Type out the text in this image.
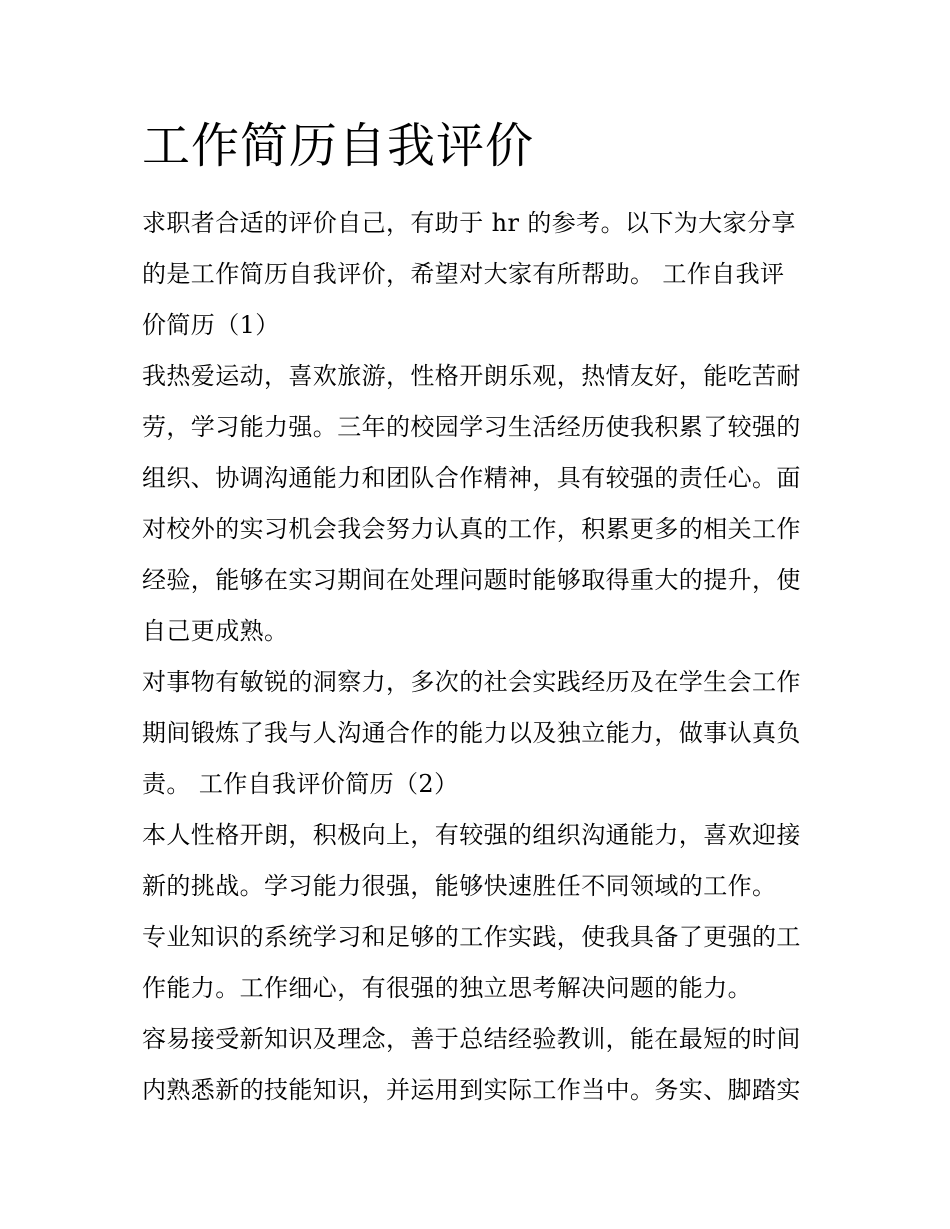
工作简历自我评价
求职者合适的评价自己，有助于 hr 的参考。以下为大家分享
的是工作简历自我评价，希望对大家有所帮助。 工作自我评
价简历（1）
我热爱运动，喜欢旅游，性格开朗乐观，热情友好，能吃苦耐
劳，学习能力强。三年的校园学习生活经历使我积累了较强的
组织、协调沟通能力和团队合作精神，具有较强的责任心。面
对校外的实习机会我会努力认真的工作，积累更多的相关工作
经验，能够在实习期间在处理问题时能够取得重大的提升，使
自己更成熟。
对事物有敏锐的洞察力，多次的社会实践经历及在学生会工作
期间锻炼了我与人沟通合作的能力以及独立能力，做事认真负
责。 工作自我评价简历（2）
本人性格开朗，积极向上，有较强的组织沟通能力，喜欢迎接
新的挑战。学习能力很强，能够快速胜任不同领域的工作。
专业知识的系统学习和足够的工作实践，使我具备了更强的工
作能力。工作细心，有很强的独立思考解决问题的能力。
容易接受新知识及理念，善于总结经验教训，能在最短的时间
内熟悉新的技能知识，并运用到实际工作当中。务实、脚踏实
